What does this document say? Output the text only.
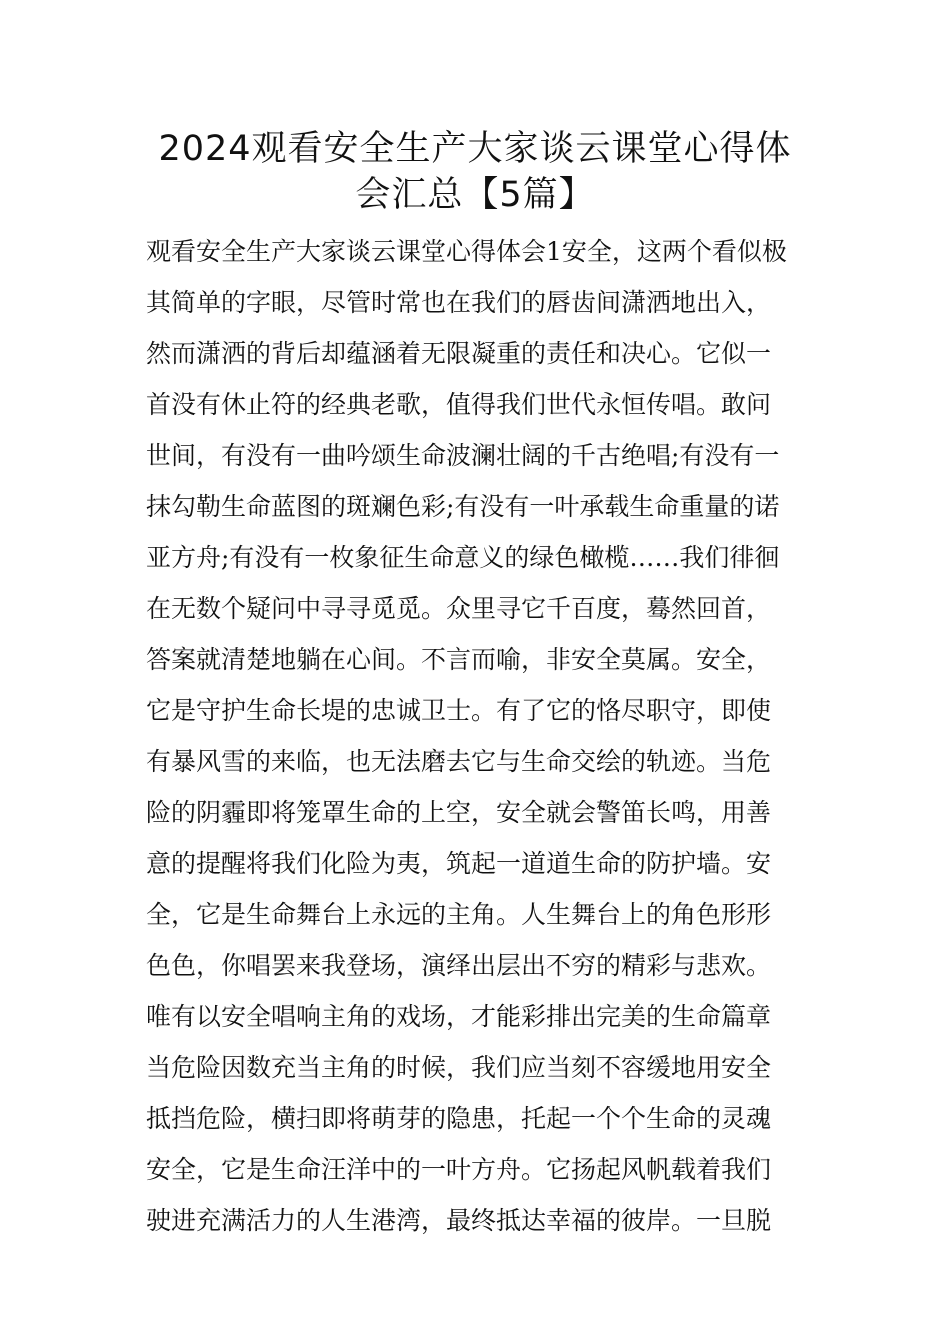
2024观看安全生产大家谈云课堂心得体
会汇总【5篇】
观看安全生产大家谈云课堂心得体会1安全，这两个看似极
其简单的字眼，尽管时常也在我们的唇齿间潇洒地出入，
然而潇洒的背后却蕴涵着无限凝重的责任和决心。它似一
首没有休止符的经典老歌，值得我们世代永恒传唱。敢问
世间，有没有一曲吟颂生命波澜壮阔的千古绝唱;有没有一
抹勾勒生命蓝图的斑斓色彩;有没有一叶承载生命重量的诺
亚方舟;有没有一枚象征生命意义的绿色橄榄……我们徘徊
在无数个疑问中寻寻觅觅。众里寻它千百度，蓦然回首，
答案就清楚地躺在心间。不言而喻，非安全莫属。安全，
它是守护生命长堤的忠诚卫士。有了它的恪尽职守，即使
有暴风雪的来临，也无法磨去它与生命交绘的轨迹。当危
险的阴霾即将笼罩生命的上空，安全就会警笛长鸣，用善
意的提醒将我们化险为夷，筑起一道道生命的防护墙。安
全，它是生命舞台上永远的主角。人生舞台上的角色形形
色色，你唱罢来我登场，演绎出层出不穷的精彩与悲欢。
唯有以安全唱响主角的戏场，才能彩排出完美的生命篇章
当危险因数充当主角的时候，我们应当刻不容缓地用安全
抵挡危险，横扫即将萌芽的隐患，托起一个个生命的灵魂
安全，它是生命汪洋中的一叶方舟。它扬起风帆载着我们
驶进充满活力的人生港湾，最终抵达幸福的彼岸。一旦脱
